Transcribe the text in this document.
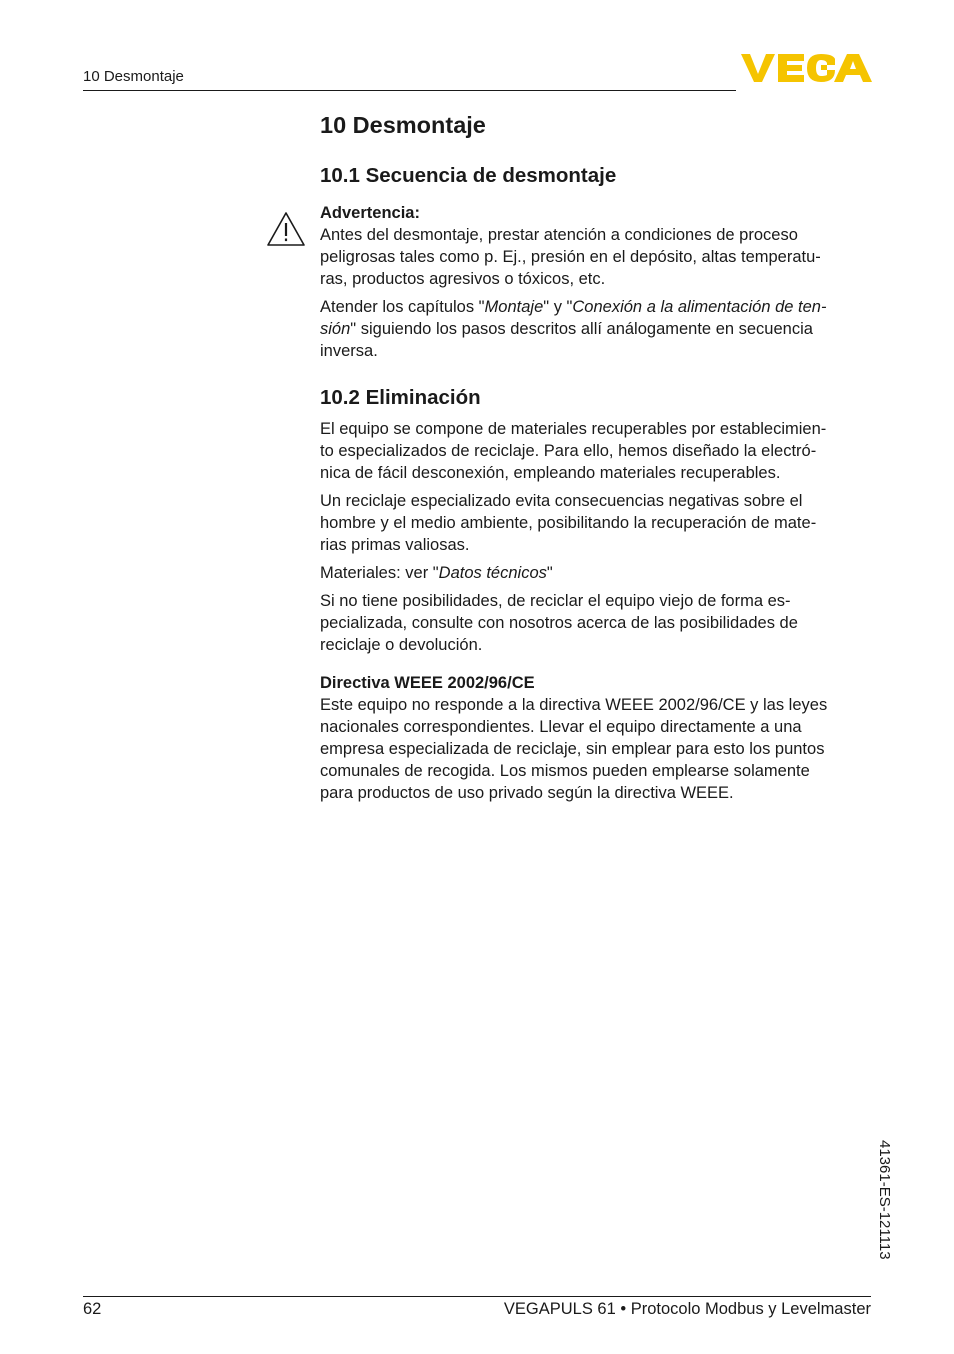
10 Desmontaje
10 Desmontaje
10.1 Secuencia de desmontaje
Advertencia:
Antes del desmontaje, prestar atención a condiciones de proceso
peligrosas tales como p. Ej., presión en el depósito, altas temperatu-
ras, productos agresivos o tóxicos, etc.
Atender los capítulos "Montaje" y "Conexión a la alimentación de ten-
sión" siguiendo los pasos descritos allí análogamente en secuencia
inversa.
10.2 Eliminación
El equipo se compone de materiales recuperables por establecimien-
to especializados de reciclaje. Para ello, hemos diseñado la electró-
nica de fácil desconexión, empleando materiales recuperables.
Un reciclaje especializado evita consecuencias negativas sobre el
hombre y el medio ambiente, posibilitando la recuperación de mate-
rias primas valiosas.
Materiales: ver "Datos técnicos"
Si no tiene posibilidades, de reciclar el equipo viejo de forma es-
pecializada, consulte con nosotros acerca de las posibilidades de
reciclaje o devolución.
Directiva WEEE 2002/96/CE
Este equipo no responde a la directiva WEEE 2002/96/CE y las leyes
nacionales correspondientes. Llevar el equipo directamente a una
empresa especializada de reciclaje, sin emplear para esto los puntos
comunales de recogida. Los mismos pueden emplearse solamente
para productos de uso privado según la directiva WEEE.
41361-ES-121113
62	VEGAPULS 61 • Protocolo Modbus y Levelmaster
